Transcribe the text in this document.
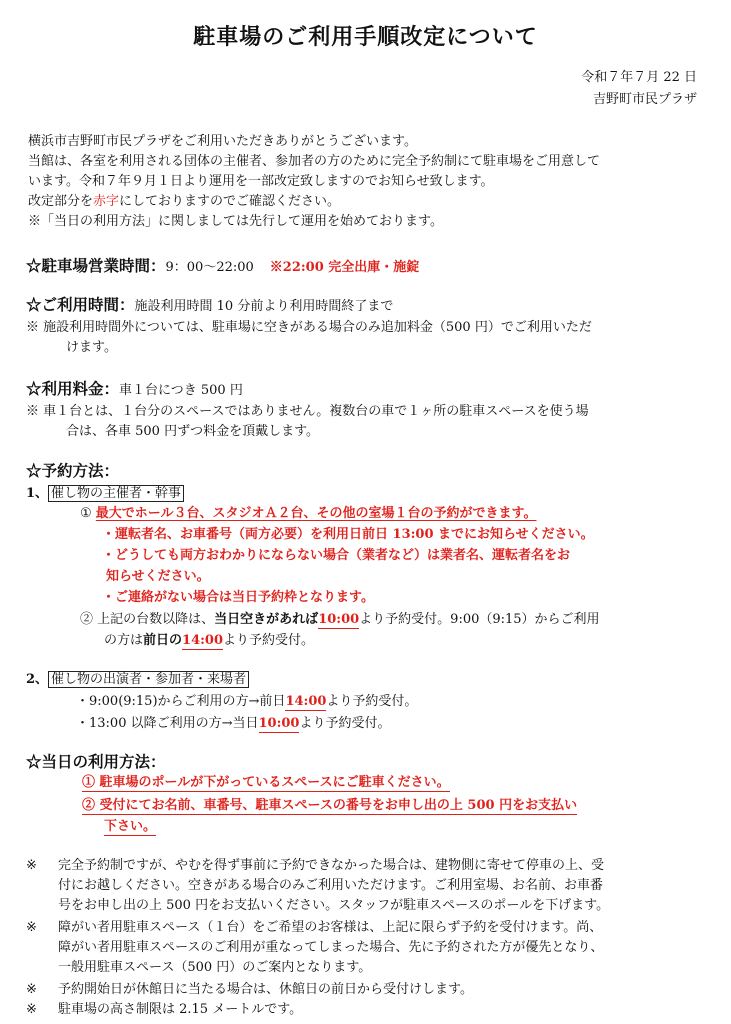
駐車場のご利用手順改定について
令和７年７月 22 日
吉野町市民プラザ
横浜市吉野町市民プラザをご利用いただきありがとうございます。
当館は、各室を利用される団体の主催者、参加者の方のために完全予約制にて駐車場をご用意して
います。令和７年９月１日より運用を一部改定致しますのでお知らせ致します。
改定部分を赤字にしておりますのでご確認ください。
※「当日の利用方法」に関しましては先行して運用を始めております。
☆駐車場営業時間：9：00〜22:00 ※22:00 完全出庫・施錠
☆ご利用時間：施設利用時間 10 分前より利用時間終了まで
※ 施設利用時間外については、駐車場に空きがある場合のみ追加料金（500 円）でご利用いただ
けます。
☆利用料金：車１台につき 500 円
※ 車１台とは、１台分のスペースではありません。複数台の車で１ヶ所の駐車スペースを使う場
合は、各車 500 円ずつ料金を頂戴します。
☆予約方法：
1、 催し物の主催者・幹事
① 最大でホール３台、スタジオＡ２台、その他の室場１台の予約ができます。
・運転者名、お車番号（両方必要）を利用日前日 13:00 までにお知らせください。
・どうしても両方おわかりにならない場合（業者など）は業者名、運転者名をお
知らせください。
・ご連絡がない場合は当日予約枠となります。
② 上記の台数以降は、当日空きがあれば10:00より予約受付。9:00（9:15）からご利用
の方は前日の14:00より予約受付。
2、 催し物の出演者・参加者・来場者
・9:00(9:15)からご利用の方→前日14:00より予約受付。
・13:00 以降ご利用の方→当日10:00より予約受付。
☆当日の利用方法：
① 駐車場のポールが下がっているスペースにご駐車ください。
② 受付にてお名前、車番号、駐車スペースの番号をお申し出の上 500 円をお支払い
下さい。
※ 完全予約制ですが、やむを得ず事前に予約できなかった場合は、建物側に寄せて停車の上、受
付にお越しください。空きがある場合のみご利用いただけます。ご利用室場、お名前、お車番
号をお申し出の上 500 円をお支払いください。スタッフが駐車スペースのポールを下げます。
※ 障がい者用駐車スペース（１台）をご希望のお客様は、上記に限らず予約を受付けます。尚、
障がい者用駐車スペースのご利用が重なってしまった場合、先に予約された方が優先となり、
一般用駐車スペース（500 円）のご案内となります。
※ 予約開始日が休館日に当たる場合は、休館日の前日から受付けします。
※ 駐車場の高さ制限は 2.15 メートルです。
